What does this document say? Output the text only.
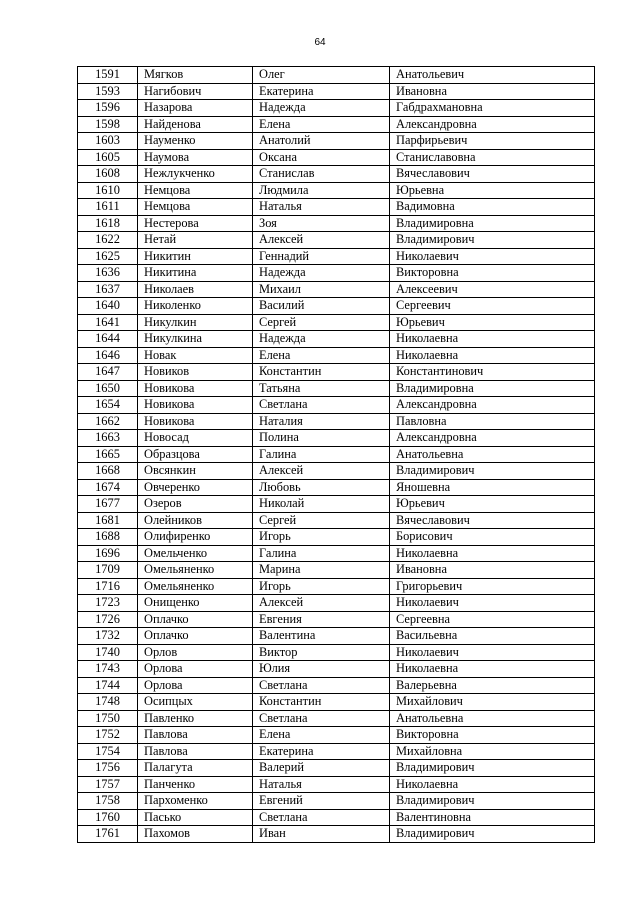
64
1591	Мягков	Олег	Анатольевич
1593	Нагибович	Екатерина	Ивановна
1596	Назарова	Надежда	Габдрахмановна
1598	Найденова	Елена	Александровна
1603	Науменко	Анатолий	Парфирьевич
1605	Наумова	Оксана	Станиславовна
1608	Нежлукченко	Станислав	Вячеславович
1610	Немцова	Людмила	Юрьевна
1611	Немцова	Наталья	Вадимовна
1618	Нестерова	Зоя	Владимировна
1622	Нетай	Алексей	Владимирович
1625	Никитин	Геннадий	Николаевич
1636	Никитина	Надежда	Викторовна
1637	Николаев	Михаил	Алексеевич
1640	Николенко	Василий	Сергеевич
1641	Никулкин	Сергей	Юрьевич
1644	Никулкина	Надежда	Николаевна
1646	Новак	Елена	Николаевна
1647	Новиков	Константин	Константинович
1650	Новикова	Татьяна	Владимировна
1654	Новикова	Светлана	Александровна
1662	Новикова	Наталия	Павловна
1663	Новосад	Полина	Александровна
1665	Образцова	Галина	Анатольевна
1668	Овсянкин	Алексей	Владимирович
1674	Овчеренко	Любовь	Яношевна
1677	Озеров	Николай	Юрьевич
1681	Олейников	Сергей	Вячеславович
1688	Олифиренко	Игорь	Борисович
1696	Омельченко	Галина	Николаевна
1709	Омельяненко	Марина	Ивановна
1716	Омельяненко	Игорь	Григорьевич
1723	Онищенко	Алексей	Николаевич
1726	Оплачко	Евгения	Сергеевна
1732	Оплачко	Валентина	Васильевна
1740	Орлов	Виктор	Николаевич
1743	Орлова	Юлия	Николаевна
1744	Орлова	Светлана	Валерьевна
1748	Осипцых	Константин	Михайлович
1750	Павленко	Светлана	Анатольевна
1752	Павлова	Елена	Викторовна
1754	Павлова	Екатерина	Михайловна
1756	Палагута	Валерий	Владимирович
1757	Панченко	Наталья	Николаевна
1758	Пархоменко	Евгений	Владимирович
1760	Пасько	Светлана	Валентиновна
1761	Пахомов	Иван	Владимирович
